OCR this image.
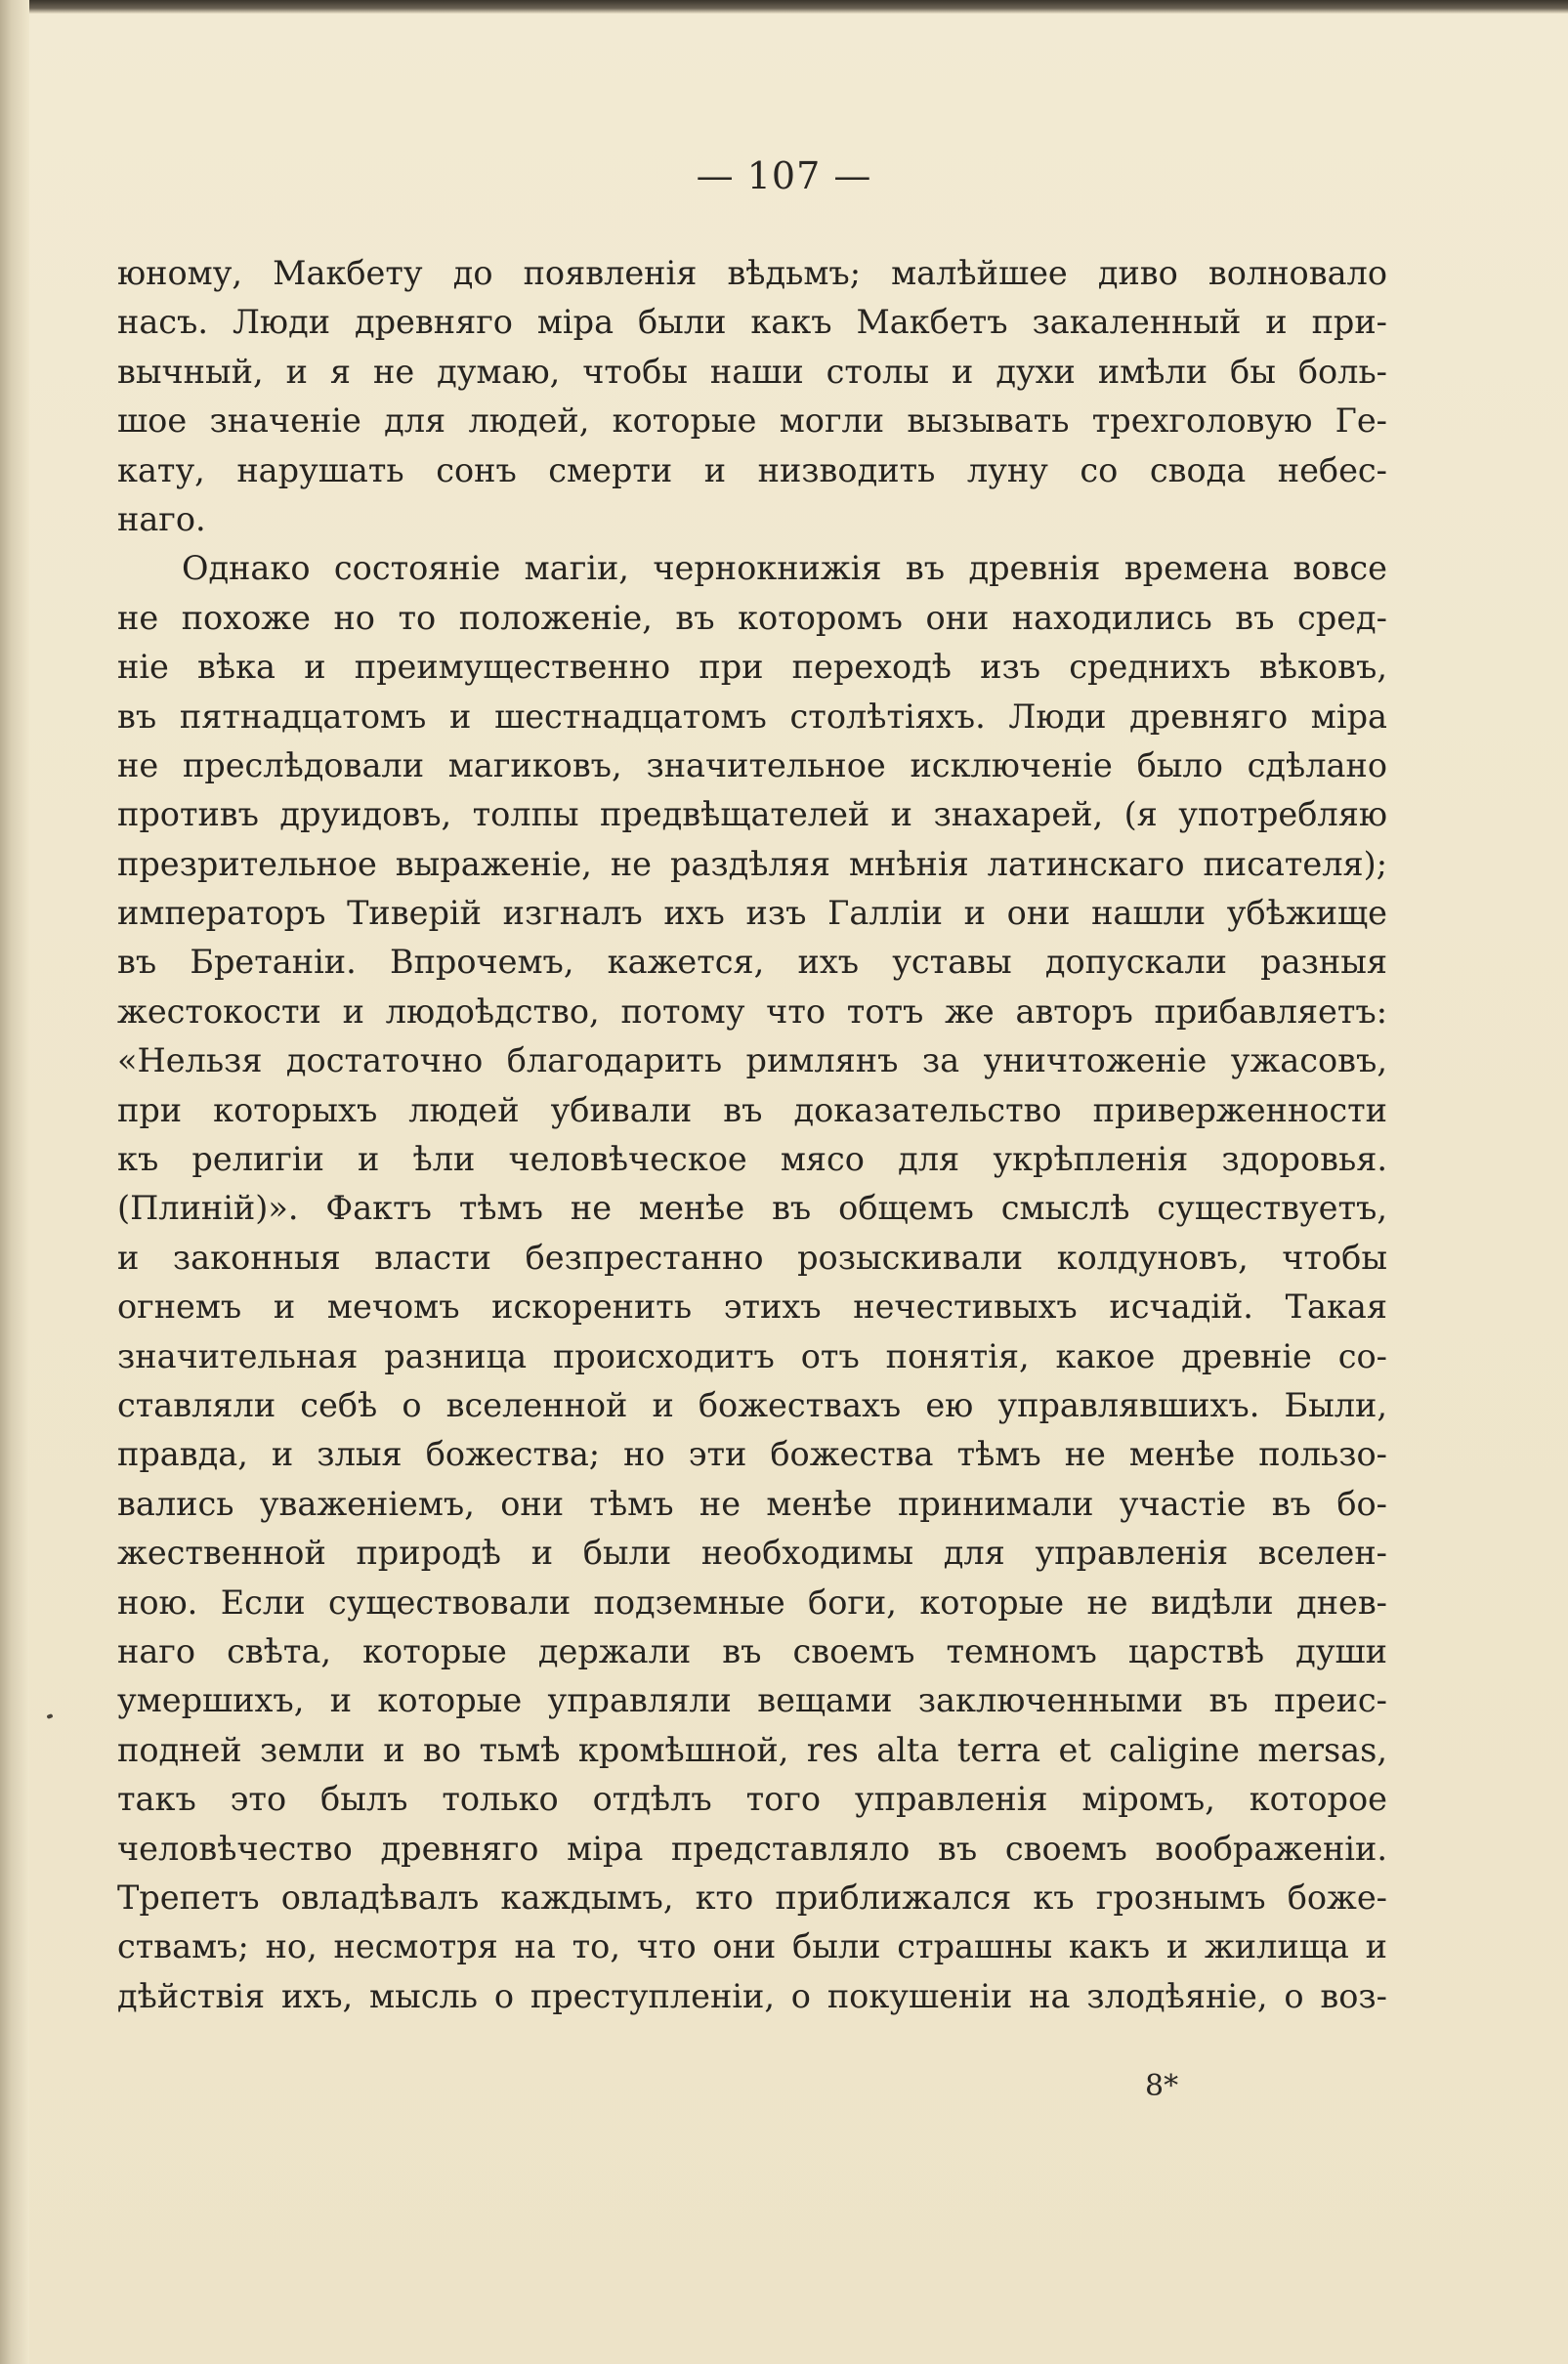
— 107 —
юному, Макбету до появленія вѣдьмъ; малѣйшее диво волновало
насъ. Люди древняго міра были какъ Макбетъ закаленный и при-
вычный, и я не думаю, чтобы наши столы и духи имѣли бы боль-
шое значеніе для людей, которые могли вызывать трехголовую Ге-
кату, нарушать сонъ смерти и низводить луну со свода небес-
наго.
Однако состояніе магіи, чернокнижія въ древнія времена вовсе
не похоже но то положеніе, въ которомъ они находились въ сред-
ніе вѣка и преимущественно при переходѣ изъ среднихъ вѣковъ,
въ пятнадцатомъ и шестнадцатомъ столѣтіяхъ. Люди древняго міра
не преслѣдовали магиковъ, значительное исключеніе было сдѣлано
противъ друидовъ, толпы предвѣщателей и знахарей, (я употребляю
презрительное выраженіе, не раздѣляя мнѣнія латинскаго писателя);
императоръ Тиверій изгналъ ихъ изъ Галліи и они нашли убѣжище
въ Бретаніи. Впрочемъ, кажется, ихъ уставы допускали разныя
жестокости и людоѣдство, потому что тотъ же авторъ прибавляетъ:
«Нельзя достаточно благодарить римлянъ за уничтоженіе ужасовъ,
при которыхъ людей убивали въ доказательство приверженности
къ религіи и ѣли человѣческое мясо для укрѣпленія здоровья.
(Плиній)». Фактъ тѣмъ не менѣе въ общемъ смыслѣ существуетъ,
и законныя власти безпрестанно розыскивали колдуновъ, чтобы
огнемъ и мечомъ искоренить этихъ нечестивыхъ исчадій. Такая
значительная разница происходитъ отъ понятія, какое древніе со-
ставляли себѣ о вселенной и божествахъ ею управлявшихъ. Были,
правда, и злыя божества; но эти божества тѣмъ не менѣе пользо-
вались уваженіемъ, они тѣмъ не менѣе принимали участіе въ бо-
жественной природѣ и были необходимы для управленія вселен-
ною. Если существовали подземные боги, которые не видѣли днев-
наго свѣта, которые держали въ своемъ темномъ царствѣ души
умершихъ, и которые управляли вещами заключенными въ преис-
подней земли и во тьмѣ кромѣшной, res alta terra et caligine mersas,
такъ это былъ только отдѣлъ того управленія міромъ, которое
человѣчество древняго міра представляло въ своемъ воображеніи.
Трепетъ овладѣвалъ каждымъ, кто приближался къ грознымъ боже-
ствамъ; но, несмотря на то, что они были страшны какъ и жилища и
дѣйствія ихъ, мысль о преступленіи, о покушеніи на злодѣяніе, о воз-
8*
